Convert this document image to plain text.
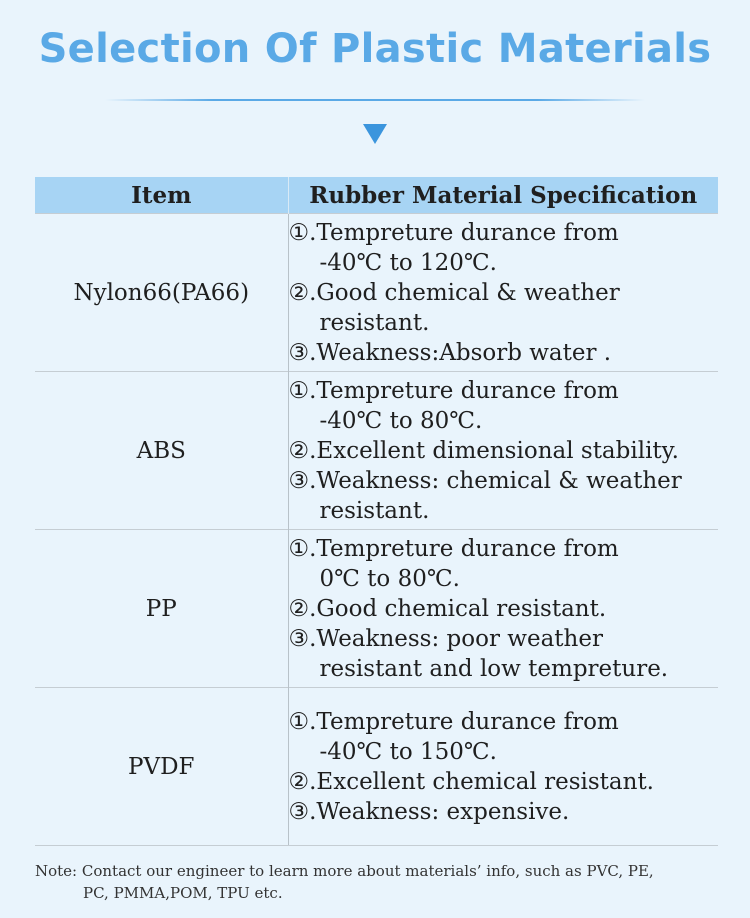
Selection Of Plastic Materials
Item	Rubber Material Specification
Nylon66(PA66)	①.Tempreture durance from
-40℃ to 120℃.
②.Good chemical & weather
resistant.
③.Weakness:Absorb water .

ABS	①.Tempreture durance from
-40℃ to 80℃.
②.Excellent dimensional stability.
③.Weakness: chemical & weather
resistant.

PP	①.Tempreture durance from
0℃ to 80℃.
②.Good chemical resistant.
③.Weakness: poor weather
resistant and low tempreture.

PVDF	①.Tempreture durance from
-40℃ to 150℃.
②.Excellent chemical resistant.
③.Weakness: expensive.
Note: Contact our engineer to learn more about materials’ info, such as PVC, PE,
PC, PMMA,POM, TPU etc.
